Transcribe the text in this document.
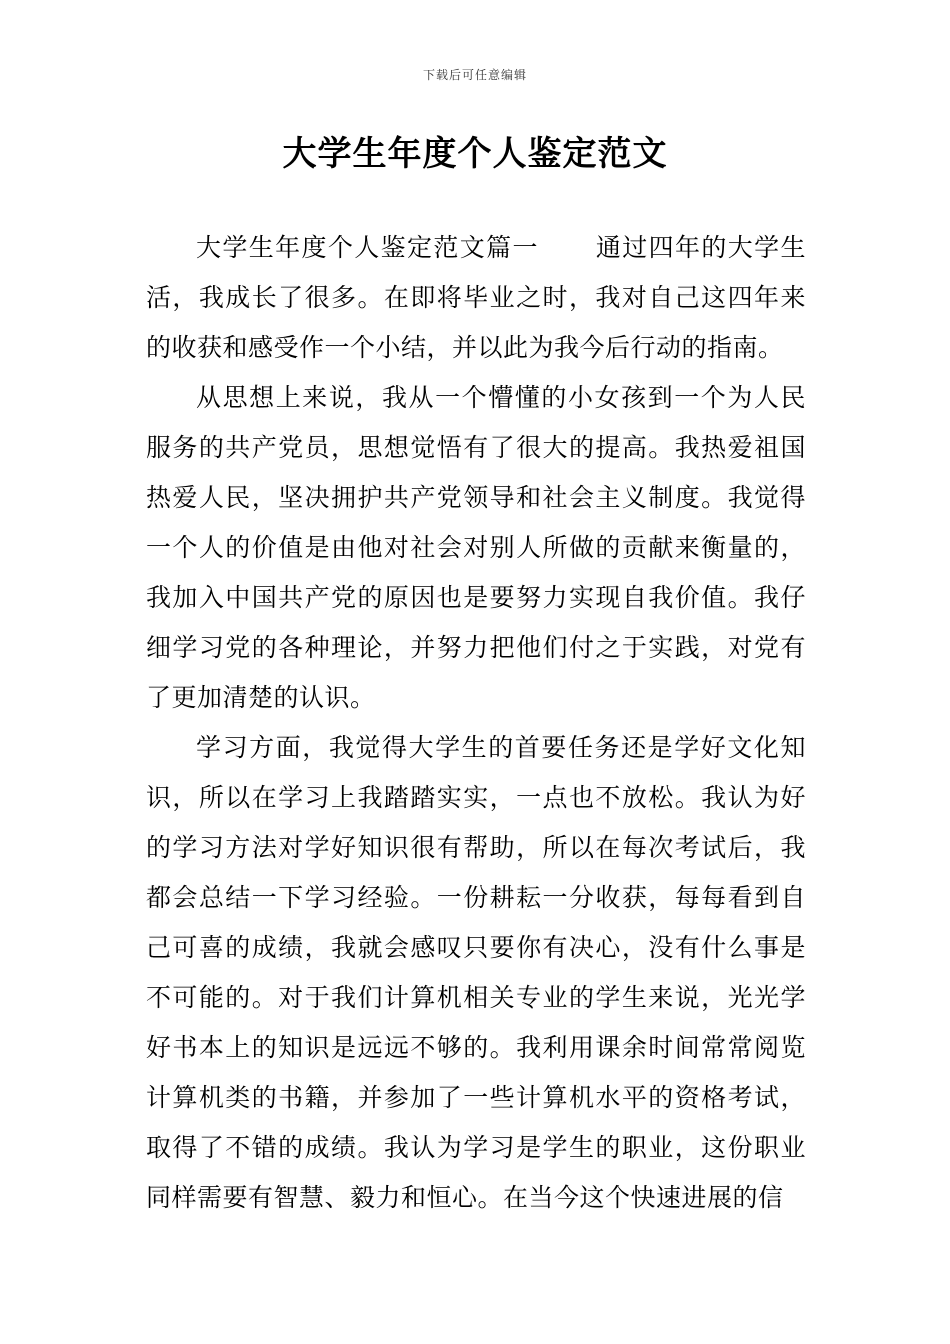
下载后可任意编辑
大学生年度个人鉴定范文

大学生年度个人鉴定范文篇一 通过四年的大学生活，我成长了很多。在即将毕业之时，我对自己这四年来的收获和感受作一个小结，并以此为我今后行动的指南。

从思想上来说，我从一个懵懂的小女孩到一个为人民服务的共产党员，思想觉悟有了很大的提高。我热爱祖国热爱人民，坚决拥护共产党领导和社会主义制度。我觉得一个人的价值是由他对社会对别人所做的贡献来衡量的，我加入中国共产党的原因也是要努力实现自我价值。我仔细学习党的各种理论，并努力把他们付之于实践，对党有了更加清楚的认识。

学习方面，我觉得大学生的首要任务还是学好文化知识，所以在学习上我踏踏实实，一点也不放松。我认为好的学习方法对学好知识很有帮助，所以在每次考试后，我都会总结一下学习经验。一份耕耘一分收获，每每看到自己可喜的成绩，我就会感叹只要你有决心，没有什么事是不可能的。对于我们计算机相关专业的学生来说，光光学好书本上的知识是远远不够的。我利用课余时间常常阅览计算机类的书籍，并参加了一些计算机水平的资格考试，取得了不错的成绩。我认为学习是学生的职业，这份职业同样需要有智慧、毅力和恒心。在当今这个快速进展的信
